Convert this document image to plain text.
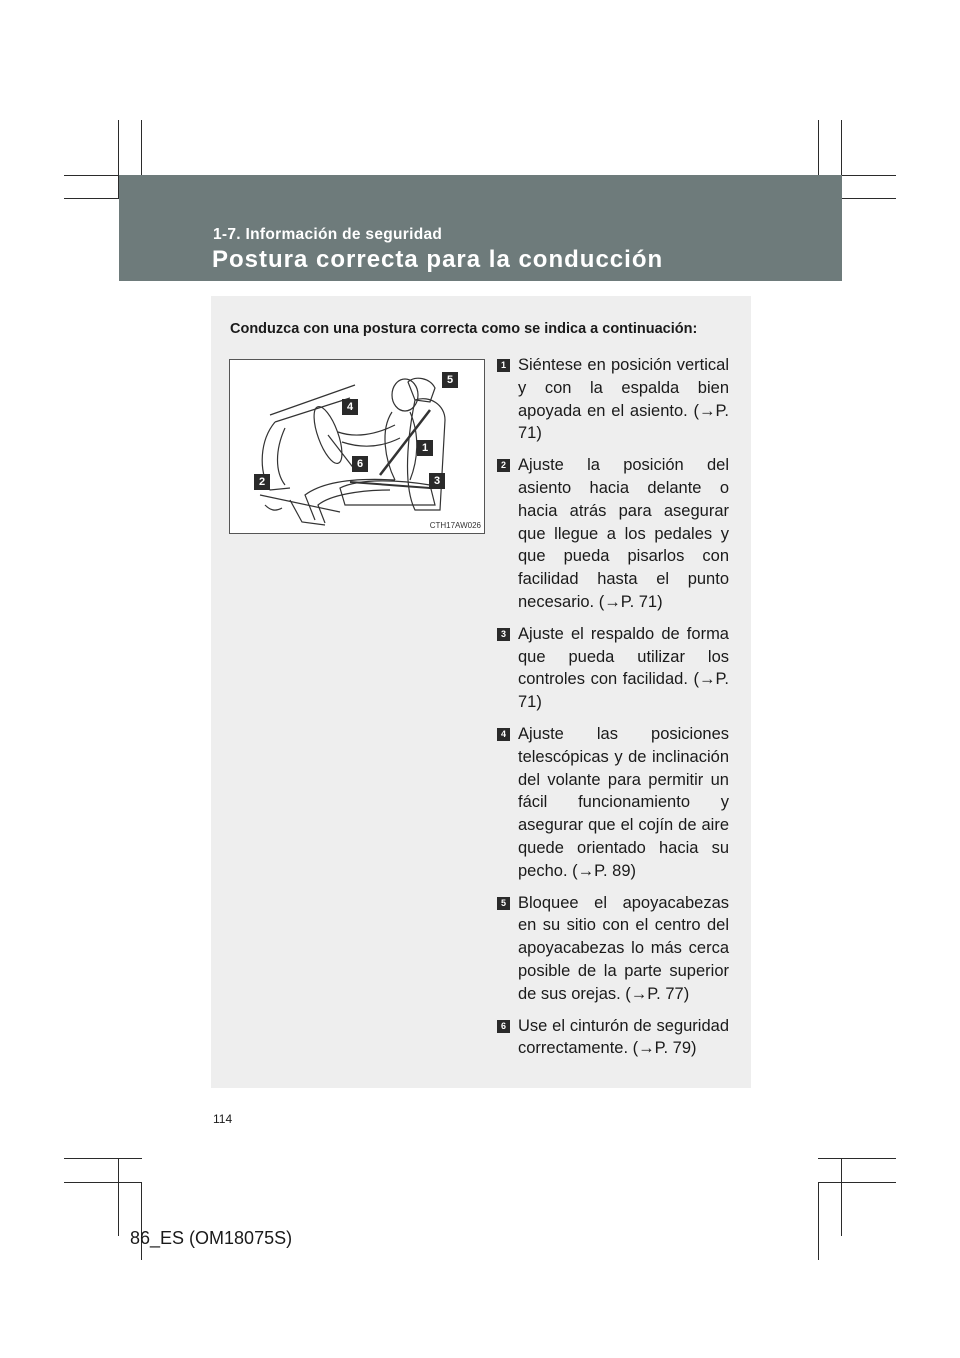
1-7. Información de seguridad
Postura correcta para la conducción
Conduzca con una postura correcta como se indica a continuación:
5
4
1
6
2	3
CTH17AW026
1 Siéntese en posición vertical y con la espalda bien apoyada en el asiento. (→P. 71)
2 Ajuste la posición del asiento hacia delante o hacia atrás para asegurar que llegue a los pedales y que pueda pisarlos con facilidad hasta el punto necesario. (→P. 71)
3 Ajuste el respaldo de forma que pueda utilizar los controles con facilidad. (→P. 71)
4 Ajuste las posiciones telescópicas y de inclinación del volante para permitir un fácil funcionamiento y asegurar que el cojín de aire quede orientado hacia su pecho. (→P. 89)
5 Bloquee el apoyacabezas en su sitio con el centro del apoyacabezas lo más cerca posible de la parte superior de sus orejas. (→P. 77)
6 Use el cinturón de seguridad correctamente. (→P. 79)
114
86_ES (OM18075S)
